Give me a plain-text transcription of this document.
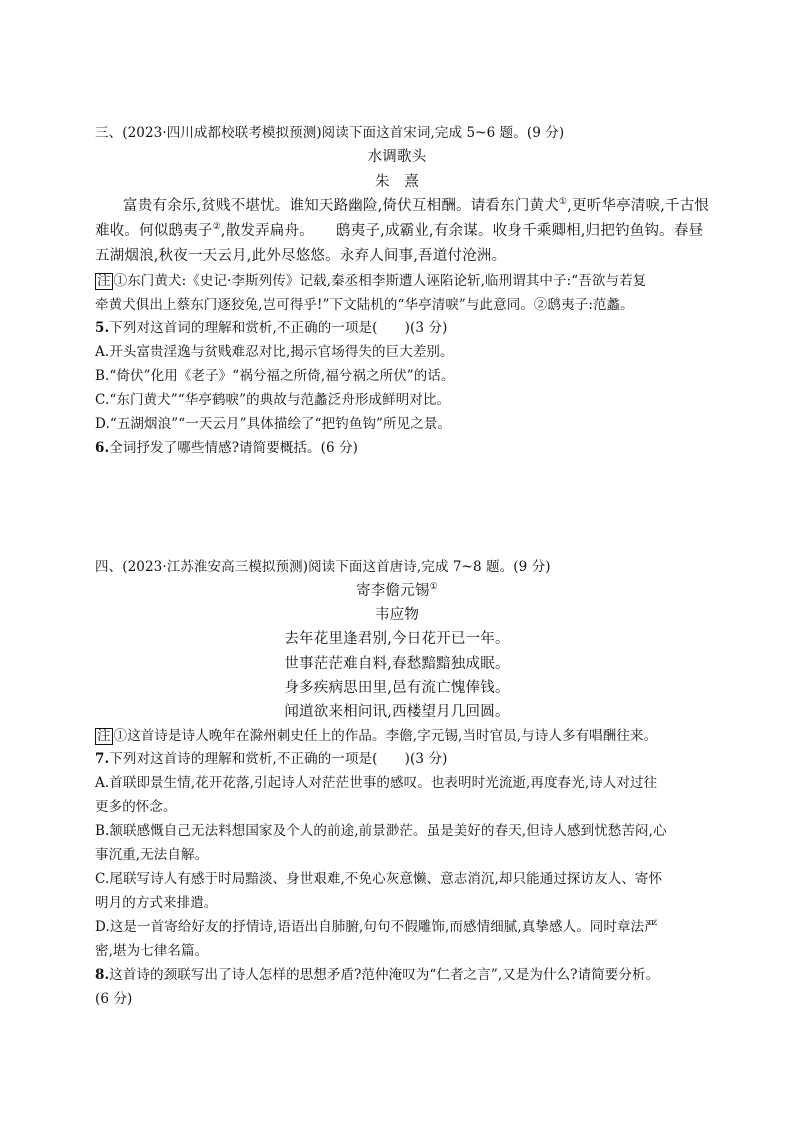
三、(2023·四川成都校联考模拟预测)阅读下面这首宋词,完成 5~6 题。(9 分)
水调歌头
朱　熹
富贵有余乐,贫贱不堪忧。谁知天路幽险,倚伏互相酬。请看东门黄犬①,更听华亭清唳,千古恨
难收。何似鸱夷子②,散发弄扁舟。　　鸱夷子,成霸业,有余谋。收身千乘卿相,归把钓鱼钩。春昼
五湖烟浪,秋夜一天云月,此外尽悠悠。永弃人间事,吾道付沧洲。
注 ①东门黄犬:《史记·李斯列传》记载,秦丞相李斯遭人诬陷论斩,临刑谓其中子:“吾欲与若复
牵黄犬俱出上蔡东门逐狡兔,岂可得乎!”下文陆机的“华亭清唳”与此意同。②鸱夷子:范蠡。
5.下列对这首词的理解和赏析,不正确的一项是(　　)(3 分)
A.开头富贵淫逸与贫贱难忍对比,揭示官场得失的巨大差别。
B.“倚伏”化用《老子》“祸兮福之所倚,福兮祸之所伏”的话。
C.“东门黄犬”“华亭鹤唳”的典故与范蠡泛舟形成鲜明对比。
D.“五湖烟浪”“一天云月”具体描绘了“把钓鱼钩”所见之景。
6.全词抒发了哪些情感?请简要概括。(6 分)
四、(2023·江苏淮安高三模拟预测)阅读下面这首唐诗,完成 7~8 题。(9 分)
寄李儋元锡①
韦应物
去年花里逢君别,今日花开已一年。
世事茫茫难自料,春愁黯黯独成眠。
身多疾病思田里,邑有流亡愧俸钱。
闻道欲来相问讯,西楼望月几回圆。
注 ①这首诗是诗人晚年在滁州刺史任上的作品。李儋,字元锡,当时官员,与诗人多有唱酬往来。
7.下列对这首诗的理解和赏析,不正确的一项是(　　)(3 分)
A.首联即景生情,花开花落,引起诗人对茫茫世事的感叹。也表明时光流逝,再度春光,诗人对过往
更多的怀念。
B.颔联感慨自己无法料想国家及个人的前途,前景渺茫。虽是美好的春天,但诗人感到忧愁苦闷,心
事沉重,无法自解。
C.尾联写诗人有感于时局黯淡、身世艰难,不免心灰意懒、意志消沉,却只能通过探访友人、寄怀
明月的方式来排遣。
D.这是一首寄给好友的抒情诗,语语出自肺腑,句句不假雕饰,而感情细腻,真挚感人。同时章法严
密,堪为七律名篇。
8.这首诗的颈联写出了诗人怎样的思想矛盾?范仲淹叹为“仁者之言”,又是为什么?请简要分析。
(6 分)
